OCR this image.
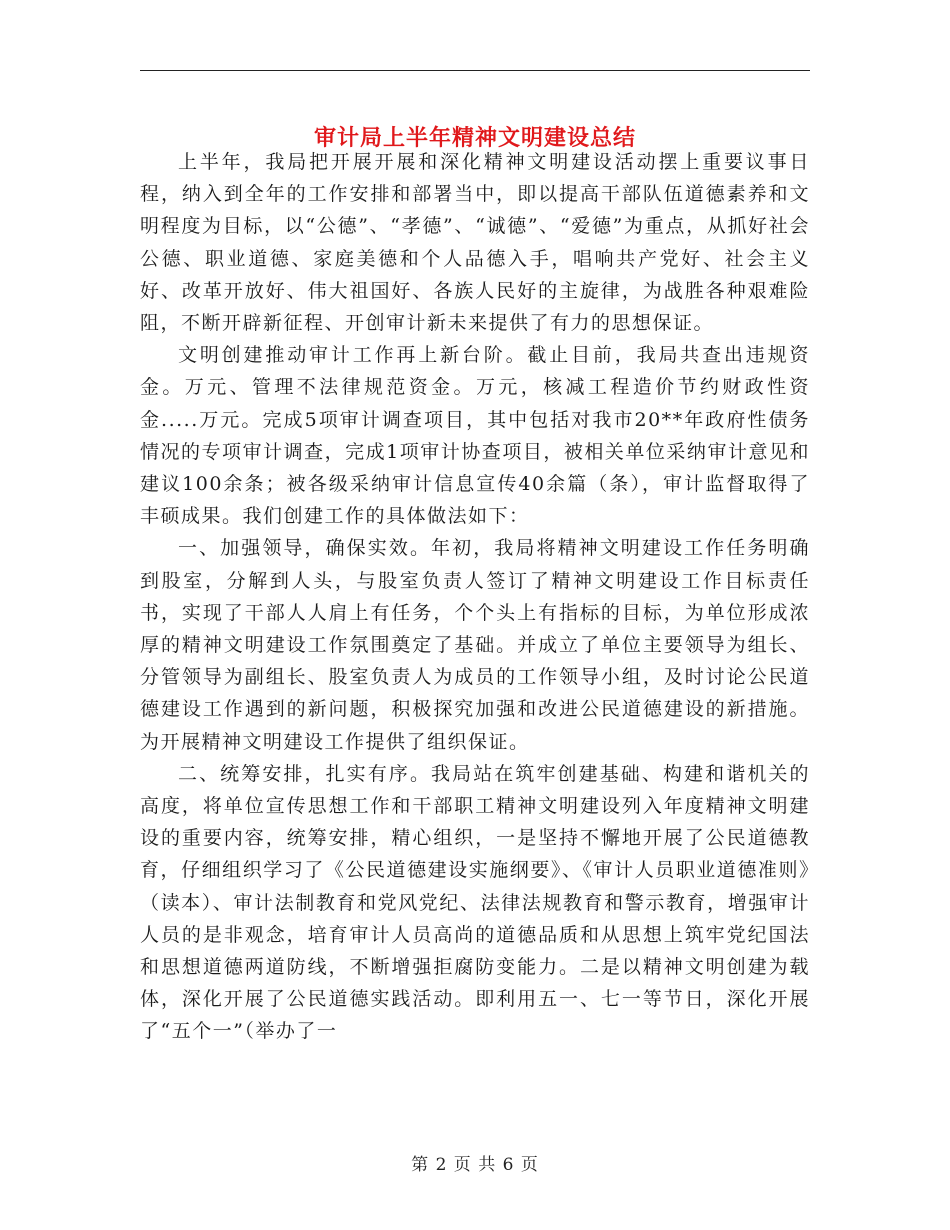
审计局上半年精神文明建设总结

上半年，我局把开展开展和深化精神文明建设活动摆上重要议事日程，纳入到全年的工作安排和部署当中，即以提高干部队伍道德素养和文明程度为目标，以“公德”、“孝德”、“诚德”、“爱德”为重点，从抓好社会公德、职业道德、家庭美德和个人品德入手，唱响共产党好、社会主义好、改革开放好、伟大祖国好、各族人民好的主旋律，为战胜各种艰难险阻，不断开辟新征程、开创审计新未来提供了有力的思想保证。

文明创建推动审计工作再上新台阶。截止目前，我局共查出违规资金。万元、管理不法律规范资金。万元，核减工程造价节约财政性资金.....万元。完成5项审计调查项目，其中包括对我市20**年政府性债务情况的专项审计调查，完成1项审计协查项目，被相关单位采纳审计意见和建议100余条；被各级采纳审计信息宣传40余篇（条），审计监督取得了丰硕成果。我们创建工作的具体做法如下：

一、加强领导，确保实效。年初，我局将精神文明建设工作任务明确到股室，分解到人头，与股室负责人签订了精神文明建设工作目标责任书，实现了干部人人肩上有任务，个个头上有指标的目标，为单位形成浓厚的精神文明建设工作氛围奠定了基础。并成立了单位主要领导为组长、分管领导为副组长、股室负责人为成员的工作领导小组，及时讨论公民道德建设工作遇到的新问题，积极探究加强和改进公民道德建设的新措施。为开展精神文明建设工作提供了组织保证。

二、统筹安排，扎实有序。我局站在筑牢创建基础、构建和谐机关的高度，将单位宣传思想工作和干部职工精神文明建设列入年度精神文明建设的重要内容，统筹安排，精心组织，一是坚持不懈地开展了公民道德教育，仔细组织学习了《公民道德建设实施纲要》、《审计人员职业道德准则》（读本）、审计法制教育和党风党纪、法律法规教育和警示教育，增强审计人员的是非观念，培育审计人员高尚的道德品质和从思想上筑牢党纪国法和思想道德两道防线，不断增强拒腐防变能力。二是以精神文明创建为载体，深化开展了公民道德实践活动。即利用五一、七一等节日，深化开展了“五个一”（举办了一

第 2 页 共 6 页
